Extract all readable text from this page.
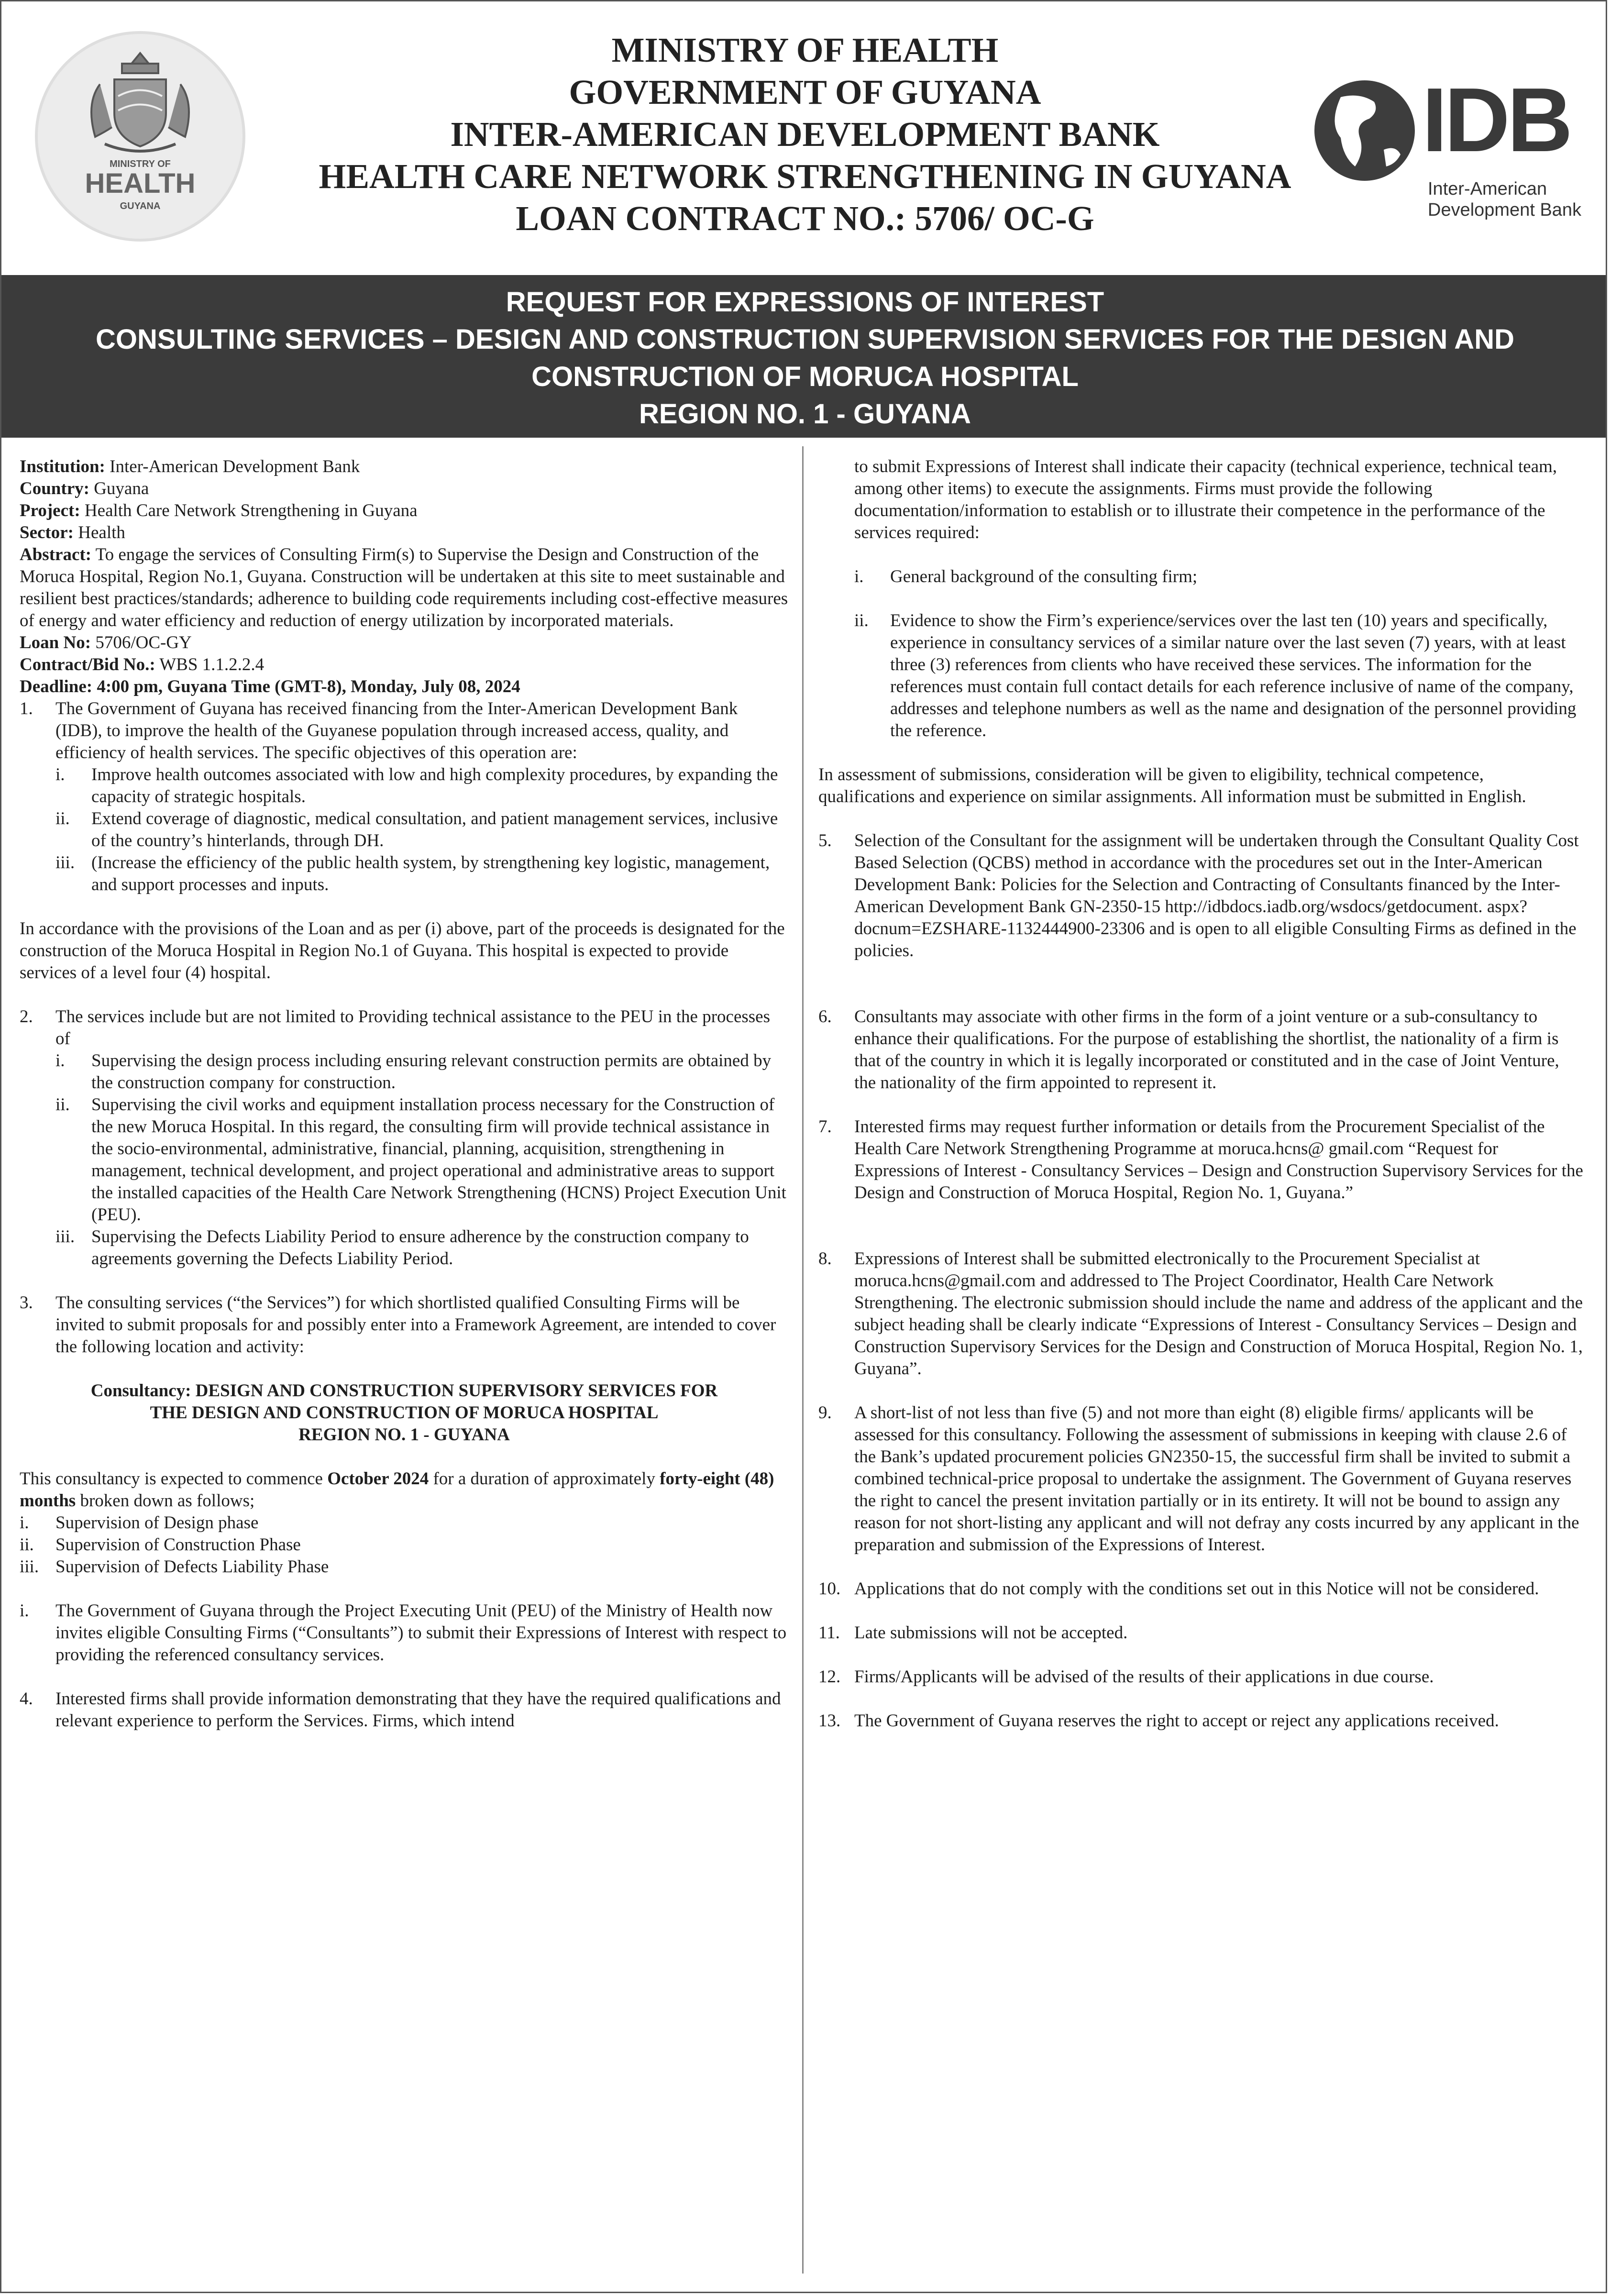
MINISTRY OF
HEALTH
GUYANA
MINISTRY OF HEALTH
GOVERNMENT OF GUYANA
INTER-AMERICAN DEVELOPMENT BANK
HEALTH CARE NETWORK STRENGTHENING IN GUYANA
LOAN CONTRACT NO.: 5706/ OC-G
IDB
Inter-American
Development Bank
REQUEST FOR EXPRESSIONS OF INTEREST
CONSULTING SERVICES – DESIGN AND CONSTRUCTION SUPERVISION SERVICES FOR THE DESIGN AND
CONSTRUCTION OF MORUCA HOSPITAL
REGION NO. 1 - GUYANA

Institution: Inter-American Development Bank

Country: Guyana

Project: Health Care Network Strengthening in Guyana

Sector: Health

Abstract: To engage the services of Consulting Firm(s) to Supervise the Design and Construction of the Moruca Hospital, Region No.1, Guyana. Construction will be undertaken at this site to meet sustainable and resilient best practices/standards; adherence to building code requirements including cost-effective measures of energy and water efficiency and reduction of energy utilization by incorporated materials.

Loan No: 5706/OC-GY

Contract/Bid No.: WBS 1.1.2.2.4

Deadline: 4:00 pm, Guyana Time (GMT-8), Monday, July 08, 2024

1.	The Government of Guyana has received financing from the Inter-American Development Bank (IDB), to improve the health of the Guyanese population through increased access, quality, and efficiency of health services. The specific objectives of this operation are:

i.	Improve health outcomes associated with low and high complexity procedures, by expanding the capacity of strategic hospitals.
ii.	Extend coverage of diagnostic, medical consultation, and patient management services, inclusive of the country’s hinterlands, through DH.
iii. (Increase the efficiency of the public health system, by strengthening key logistic, management, and support processes and inputs.

In accordance with the provisions of the Loan and as per (i) above, part of the proceeds is designated for the construction of the Moruca Hospital in Region No.1 of Guyana. This hospital is expected to provide services of a level four (4) hospital.

2.	The services include but are not limited to Providing technical assistance to the PEU in the processes of

i.	Supervising the design process including ensuring relevant construction permits are obtained by the construction company for construction.
ii.	Supervising the civil works and equipment installation process necessary for the Construction of the new Moruca Hospital. In this regard, the consulting firm will provide technical assistance in the socio-environmental, administrative, financial, planning, acquisition, strengthening in management, technical development, and project operational and administrative areas to support the installed capacities of the Health Care Network Strengthening (HCNS) Project Execution Unit (PEU).
iii. Supervising the Defects Liability Period to ensure adherence by the construction company to agreements governing the Defects Liability Period.
3.	The consulting services (“the Services”) for which shortlisted qualified Consulting Firms will be invited to submit proposals for and possibly enter into a Framework Agreement, are intended to cover the following location and activity:
Consultancy: DESIGN AND CONSTRUCTION SUPERVISORY SERVICES FOR
THE DESIGN AND CONSTRUCTION OF MORUCA HOSPITAL
REGION NO. 1 - GUYANA

This consultancy is expected to commence October 2024 for a duration of approximately forty-eight (48) months broken down as follows;

i.	Supervision of Design phase
ii.	Supervision of Construction Phase
iii. Supervision of Defects Liability Phase
i.	The Government of Guyana through the Project Executing Unit (PEU) of the Ministry of Health now invites eligible Consulting Firms (“Consultants”) to submit their Expressions of Interest with respect to providing the referenced consultancy services.
4.	Interested firms shall provide information demonstrating that they have the required qualifications and relevant experience to perform the Services. Firms, which intend
to submit Expressions of Interest shall indicate their capacity (technical experience, technical team, among other items) to execute the assignments. Firms must provide the following documentation/information to establish or to illustrate their competence in the performance of the services required:
i.	General background of the consulting firm;
ii.	Evidence to show the Firm’s experience/services over the last ten (10) years and specifically, experience in consultancy services of a similar nature over the last seven (7) years, with at least three (3) references from clients who have received these services. The information for the references must contain full contact details for each reference inclusive of name of the company, addresses and telephone numbers as well as the name and designation of the personnel providing the reference.

In assessment of submissions, consideration will be given to eligibility, technical competence, qualifications and experience on similar assignments. All information must be submitted in English.

5.	Selection of the Consultant for the assignment will be undertaken through the Consultant Quality Cost Based Selection (QCBS) method in accordance with the procedures set out in the Inter-American Development Bank: Policies for the Selection and Contracting of Consultants financed by the Inter-American Development Bank GN-2350-15 http://idbdocs.iadb.org/wsdocs/getdocument. aspx?docnum=EZSHARE-1132444900-23306 and is open to all eligible Consulting Firms as defined in the policies.
6.	Consultants may associate with other firms in the form of a joint venture or a sub-consultancy to enhance their qualifications. For the purpose of establishing the shortlist, the nationality of a firm is that of the country in which it is legally incorporated or constituted and in the case of Joint Venture, the nationality of the firm appointed to represent it.
7.	Interested firms may request further information or details from the Procurement Specialist of the Health Care Network Strengthening Programme at moruca.hcns@ gmail.com “Request for Expressions of Interest - Consultancy Services – Design and Construction Supervisory Services for the Design and Construction of Moruca Hospital, Region No. 1, Guyana.”
8.	Expressions of Interest shall be submitted electronically to the Procurement Specialist at moruca.hcns@gmail.com and addressed to The Project Coordinator, Health Care Network Strengthening. The electronic submission should include the name and address of the applicant and the subject heading shall be clearly indicate “Expressions of Interest - Consultancy Services – Design and Construction Supervisory Services for the Design and Construction of Moruca Hospital, Region No. 1, Guyana”.
9.	A short-list of not less than five (5) and not more than eight (8) eligible firms/ applicants will be assessed for this consultancy. Following the assessment of submissions in keeping with clause 2.6 of the Bank’s updated procurement policies GN2350-15, the successful firm shall be invited to submit a combined technical-price proposal to undertake the assignment. The Government of Guyana reserves the right to cancel the present invitation partially or in its entirety. It will not be bound to assign any reason for not short-listing any applicant and will not defray any costs incurred by any applicant in the preparation and submission of the Expressions of Interest.
10. Applications that do not comply with the conditions set out in this Notice will not be considered.
11. Late submissions will not be accepted.
12. Firms/Applicants will be advised of the results of their applications in due course.
13. The Government of Guyana reserves the right to accept or reject any applications received.
